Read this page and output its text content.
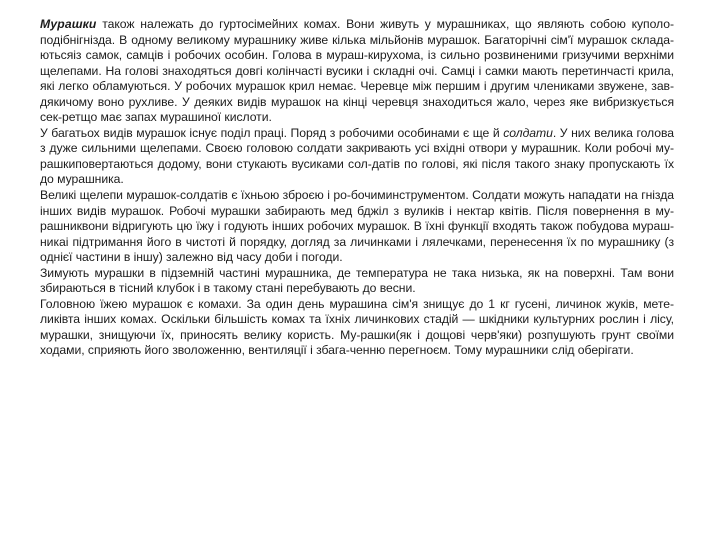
Мурашки також належать до гуртосімейних комах. Вони живуть у мурашниках, що являють собою куполо-подібнігнізда. В одному великому мурашнику живе кілька мільйонів мурашок. Багаторічні сім'ї мурашок склада-ютьсяіз самок, самців і робочих особин. Голова в мураш-кирухома, із сильно розвиненими гризучими верхніми щелепами. На голові знаходяться довгі колінчасті вусики і складні очі. Самці і самки мають перетинчасті крила, які легко обламуються. У робочих мурашок крил немає. Черевце між першим і другим члениками звужене, зав-дякичому воно рухливе. У деяких видів мурашок на кінці черевця знаходиться жало, через яке вибризкується сек-ретщо має запах мурашиної кислоти.

У багатьох видів мурашок існує поділ праці. Поряд з робочими особинами є ще й солдати. У них велика голова з дуже сильними щелепами. Своєю головою солдати закривають усі вхідні отвори у мурашник. Коли робочі му-рашкиповертаються додому, вони стукають вусиками сол-датів по голові, які після такого знаку пропускають їх до мурашника.

Великі щелепи мурашок-солдатів є їхньою зброєю і ро-бочиминструментом. Солдати можуть нападати на гнізда інших видів мурашок. Робочі мурашки забирають мед бджіл з вуликів і нектар квітів. Після повернення в му-рашниквони відригують цю їжу і годують інших робочих мурашок. В їхні функції входять також побудова мураш-никаі підтримання його в чистоті й порядку, догляд за личинками і лялечками, перенесення їх по мурашнику (з однієї частини в іншу) залежно від часу доби і погоди.

Зимують мурашки в підземній частині мурашника, де температура не така низька, як на поверхні. Там вони збираються в тісний клубок і в такому стані перебувають до весни.

Головною їжею мурашок є комахи. За один день мурашина сім'я знищує до 1 кг гусені, личинок жуків, мете-ликівта інших комах. Оскільки більшість комах та їхніх личинкових стадій — шкідники культурних рослин і лісу, мурашки, знищуючи їх, приносять велику користь. Му-рашки(як і дощові черв'яки) розпушують грунт своїми ходами, сприяють його зволоженню, вентиляції і збага-ченню перегноєм. Тому мурашники слід оберігати.
